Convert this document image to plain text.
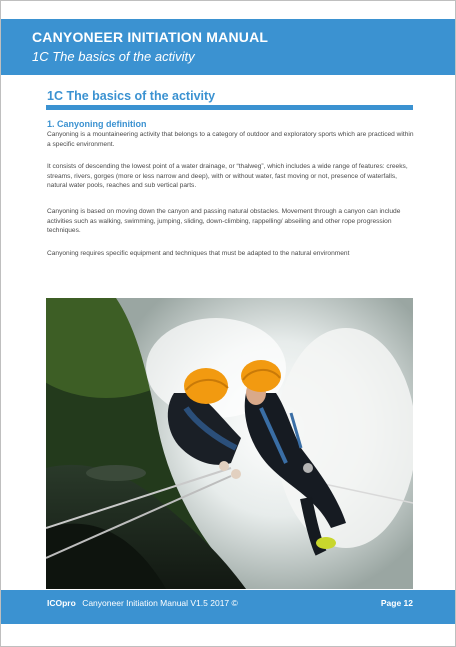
CANYONEER INITIATION MANUAL
1C The basics of the activity
1C The basics of the activity
1. Canyoning definition
Canyoning is a mountaineering activity that belongs to a category of outdoor and exploratory sports which are practiced within a specific environment.
It consists of descending the lowest point of a water drainage, or “thalweg”, which includes a wide range of features: creeks, streams, rivers, gorges (more or less narrow and deep), with or without water, fast moving or not, presence of waterfalls, natural water pools, reaches and sub vertical parts.
Canyoning is based on moving down the canyon and passing natural obstacles. Movement through a canyon can include activities such as walking, swimming, jumping, sliding, down-climbing, rappelling/ abseiling and other rope progression techniques.
Canyoning requires specific equipment and techniques that must be adapted to the natural environment
ICOpro Canyoneer Initiation Manual V1.5 2017 ©	Page 12
